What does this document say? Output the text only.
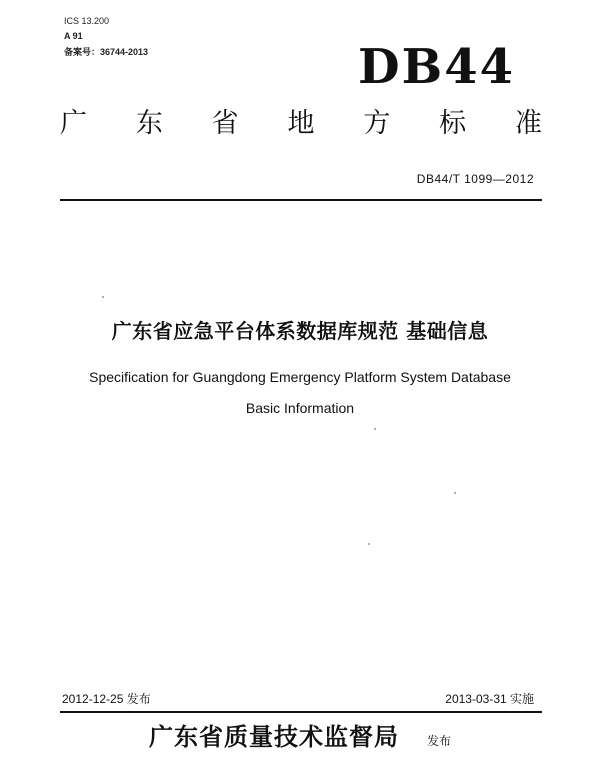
ICS 13.200
A 91
备案号：36744-2013	DB44
广 东 省 地 方 标 准
DB44/T 1099—2012
广东省应急平台体系数据库规范 基础信息
Specification for Guangdong Emergency Platform System Database
Basic Information
2012-12-25 发布	2013-03-31 实施
广东省质量技术监督局 发布
